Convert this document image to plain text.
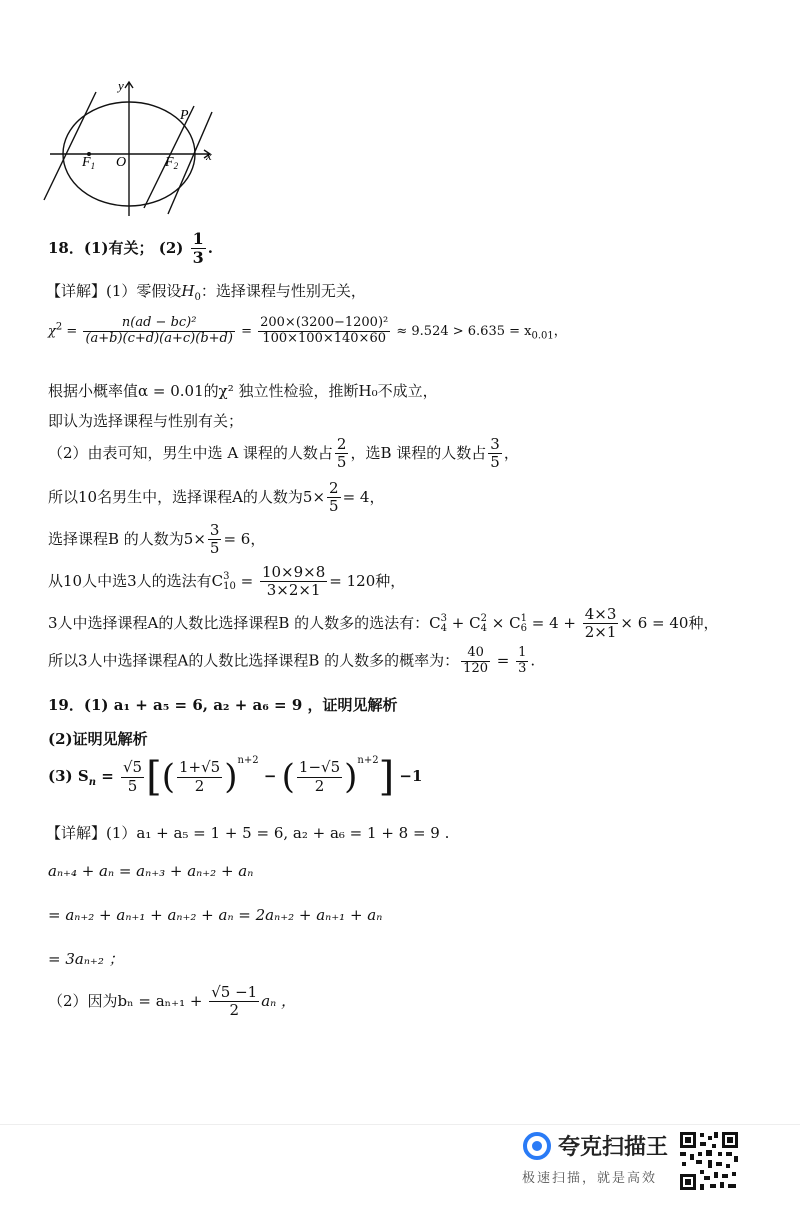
y
x
O
$F_1$	$F_2$
P
18．(1)有关； $(2) \frac{1}{3}$ .
【详解】(1）零假设$H_0$：选择课程与性别无关，
$\chi^2 = \frac{\text{n(ad − bc)²}}{(a+b)(c+d)(a+c)(b+d)} = \frac{\text{200×(3200−1200)²}}{100\times 100\times 140\times 60} \approx 9.524 > 6.635 = x_{0.01}$，
根据小概率值α = 0.01的χ² 独立性检验，推断H₀不成立，
即认为选择课程与性别有关；
（2）由表可知，男生中选 A 课程的人数占 $\frac{2}{5}$ ，选B 课程的人数占 $\frac{3}{5}$ ，
所以10名男生中，选择课程A的人数为$5\times \frac{2}{5} = 4$，
选择课程B 的人数为$5\times \frac{3}{5} = 6$，
从10人中选3人的选法有C 3
$10 = \frac{10\times 9\times 8}{3\times 2\times 1} = 120$种，
3人中选择课程A的人数比选择课程B 的人数多的选法有：C 3
4 + C 2
4 × C 1
$6 = 4 + \frac{4\times 3}{2\times 1} \times 6 = 40$种，
所以3人中选择课程A的人数比选择课程B 的人数多的概率为： $\frac{40}{120} = \frac{1}{3}$ .
19．(1) a₁ + a₅ = 6, a₂ + a₆ = 9 ，证明见解析
(2)证明见解析
(3) $S_n = \frac{√5}{5}$ [( $\frac{1+√5}{2} )^{n+2}$ − ( $\frac{1-√5}{2} )^{n+2}] -1$
【详解】(1）a₁ + a₅ = 1 + 5 = 6, a₂ + a₆ = 1 + 8 = 9 .
aₙ₊₄ + aₙ = aₙ₊₃ + aₙ₊₂ + aₙ
= aₙ₊₂ + aₙ₊₁ + aₙ₊₂ + aₙ = 2aₙ₊₂ + aₙ₊₁ + aₙ
= 3aₙ₊₂ ；
（2）因为$b_n = a_{n+1} + \frac{√5 -1}{2}$ aₙ ，
夸克扫描王
极速扫描，就是高效
